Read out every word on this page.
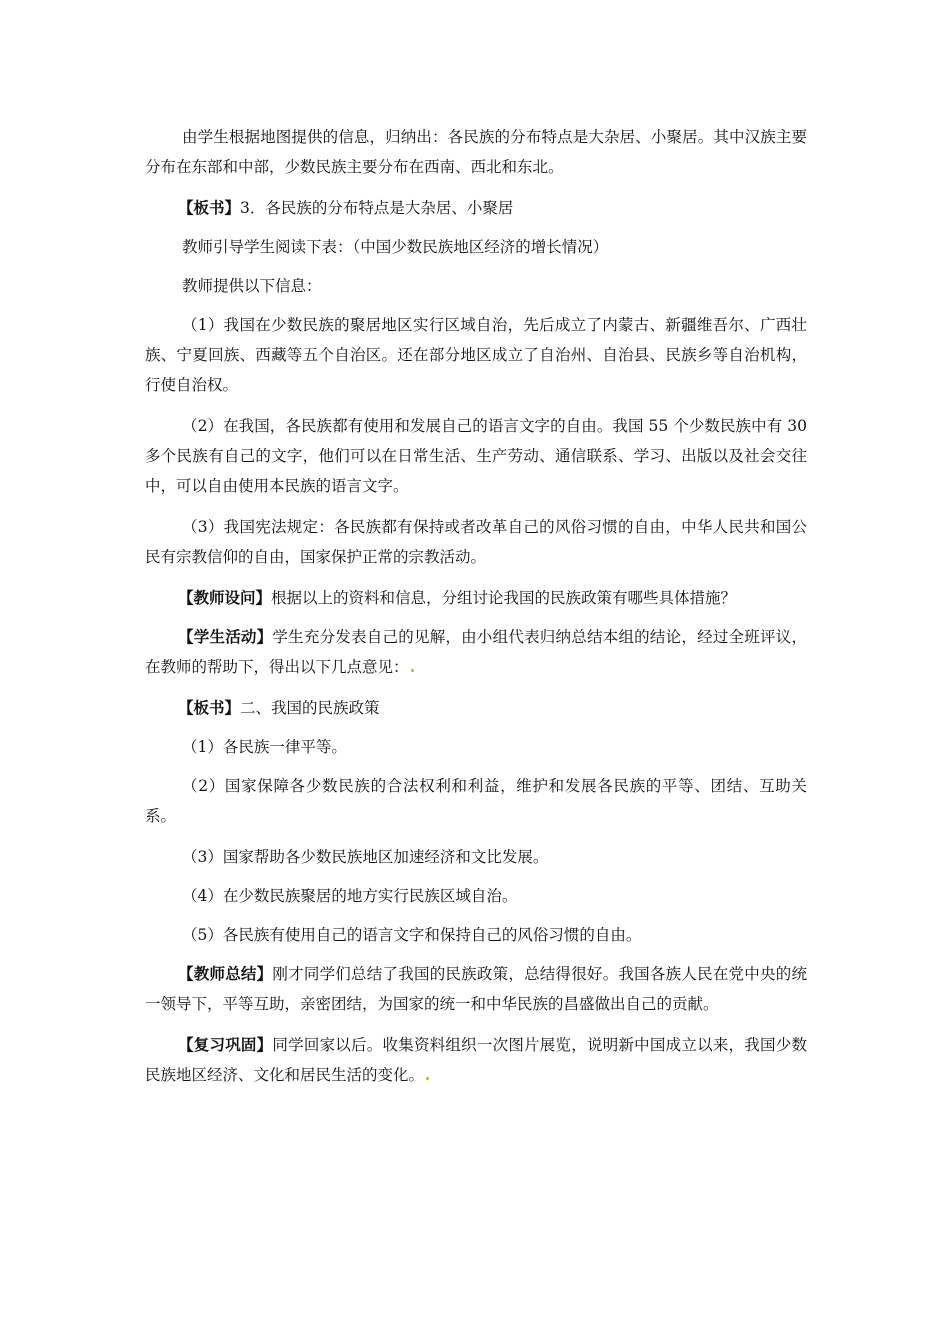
由学生根据地图提供的信息，归纳出：各民族的分布特点是大杂居、小聚居。其中汉族主要分布在东部和中部，少数民族主要分布在西南、西北和东北。

【板书】3．各民族的分布特点是大杂居、小聚居

教师引导学生阅读下表：（中国少数民族地区经济的增长情况）

教师提供以下信息：

（1）我国在少数民族的聚居地区实行区域自治，先后成立了内蒙古、新疆维吾尔、广西壮族、宁夏回族、西藏等五个自治区。还在部分地区成立了自治州、自治县、民族乡等自治机构，行使自治权。

（2）在我国，各民族都有使用和发展自己的语言文字的自由。我国 55 个少数民族中有 30 多个民族有自己的文字，他们可以在日常生活、生产劳动、通信联系、学习、出版以及社会交往中，可以自由使用本民族的语言文字。

（3）我国宪法规定：各民族都有保持或者改革自己的风俗习惯的自由，中华人民共和国公民有宗教信仰的自由，国家保护正常的宗教活动。

【教师设问】根据以上的资料和信息，分组讨论我国的民族政策有哪些具体措施？

【学生活动】学生充分发表自己的见解，由小组代表归纳总结本组的结论，经过全班评议，在教师的帮助下，得出以下几点意见：

【板书】二、我国的民族政策

（1）各民族一律平等。

（2）国家保障各少数民族的合法权利和利益，维护和发展各民族的平等、团结、互助关系。

（3）国家帮助各少数民族地区加速经济和文比发展。

（4）在少数民族聚居的地方实行民族区域自治。

（5）各民族有使用自己的语言文字和保持自己的风俗习惯的自由。

【教师总结】刚才同学们总结了我国的民族政策，总结得很好。我国各族人民在党中央的统一领导下，平等互助，亲密团结，为国家的统一和中华民族的昌盛做出自己的贡献。

【复习巩固】同学回家以后。收集资料组织一次图片展览，说明新中国成立以来，我国少数民族地区经济、文化和居民生活的变化。
